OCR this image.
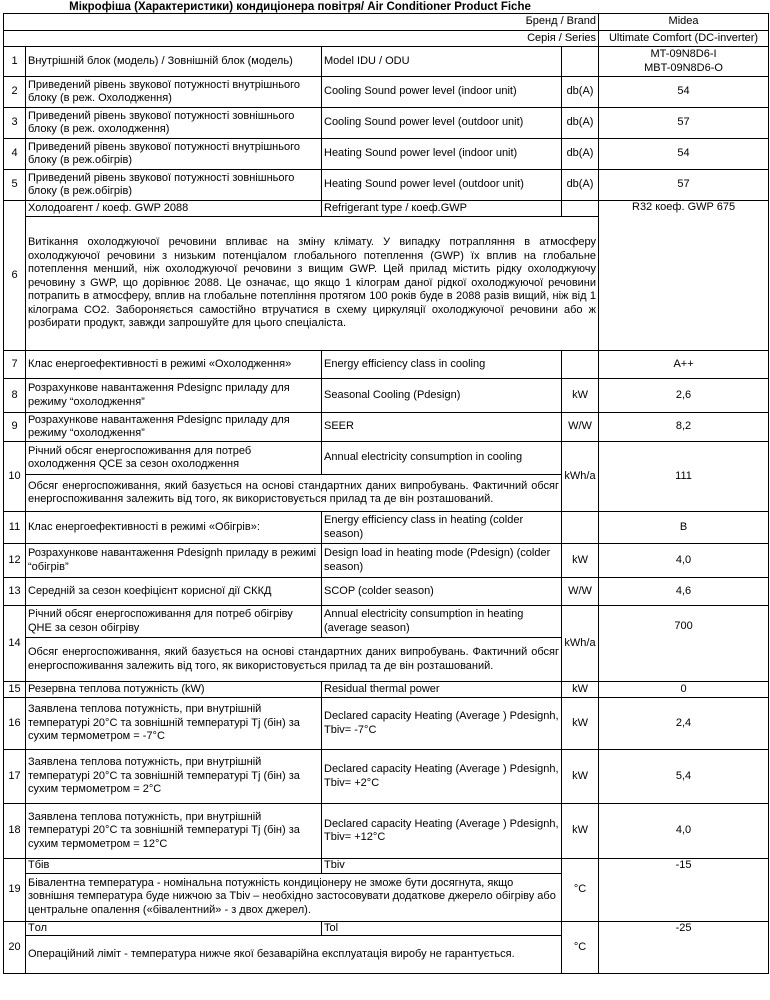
Мікрофіша (Характеристики) кондиціонера повітря/ Air Conditioner Product Fiche
Бренд / Brand				Midea
Серія / Series				Ultimate Comfort (DC-inverter)
1	Внутрішній блок (модель) / Зовнішній блок (модель)	Model IDU / ODU		MT-09N8D6-I
MBT-09N8D6-O

2	Приведений рівень звукової потужності внутрішнього блоку (в реж. Охолодження)	Cooling Sound power level (indoor unit)	db(A)	54
3	Приведений рівень звукової потужності зовнішнього блоку (в реж. охолодження)	Cooling Sound power level (outdoor unit)	db(A)	57
4	Приведений рівень звукової потужності внутрішнього блоку (в реж.обігрів)	Heating Sound power level (indoor unit)	db(A)	54
5	Приведений рівень звукової потужності зовнішнього блоку (в реж.обігрів)	Heating Sound power level (outdoor unit)	db(A)	57
6	Холодоагент / коеф. GWP 2088	Refrigerant type / коеф.GWP		R32 коеф. GWP 675
	Витікання охолоджуючої речовини впливає на зміну клімату. У випадку потрапляння в атмосферу охолоджуючої речовини з низьким потенціалом глобального потеплення (GWP) їх вплив на глобальне потеплення менший, ніж охолоджуючої речовини з вищим GWP. Цей прилад містить рідку охолоджуючу речовину з GWP, що дорівнює 2088. Це означає, що якщо 1 кілограм даної рідкої охолоджуючої речовини потрапить в атмосферу, вплив на глобальне потепління протягом 100 років буде в 2088 разів вищий, ніж від 1 кілограма CO2. Забороняється самостійно втручатися в схему циркуляції охолоджуючої речовини або ж розбирати продукт, завжди запрошуйте для цього спеціаліста.			
7	Клас енергоефективності в режимі «Охолодження»	Energy efficiency class in cooling		A++
8	Розрахункове навантаження Pdesignc приладу для режиму “охолодження”	Seasonal Cooling (Pdesign)	kW	2,6
9	Розрахункове навантаження Pdesignc приладу для режиму “охолодження”	SEER	W/W	8,2
10	Річний обсяг енергоспоживання для потреб охолодження QCE за сезон охолодження	Annual electricity consumption in cooling	kWh/a	111
	Обсяг енергоспоживання, який базується на основі стандартних даних випробувань. Фактичний обсяг енергоспоживання залежить від того, як використовується прилад та де він розташований.			
11	Клас енергоефективності в режимі «Обігрів»:	Energy efficiency class in heating (colder season)		B
12	Розрахункове навантаження Pdesignh приладу в режимі “обігрів”	Design load in heating mode (Pdesign) (colder season)	kW	4,0
13	Середній за сезон коефіцієнт корисної дії СККД	SCOP (colder season)	W/W	4,6
14	Річний обсяг енергоспоживання для потреб обігріву QHE за сезон обігріву	Annual electricity consumption in heating (average season)	kWh/a	700
	Обсяг енергоспоживання, який базується на основі стандартних даних випробувань. Фактичний обсяг енергоспоживання залежить від того, як використовується прилад та де він розташований.			
15	Резервна теплова потужність (kW)	Residual thermal power	kW	0
16	Заявлена теплова потужність, при внутрішній температурі 20°C та зовнішній температурі Tj (бін) за сухим термометром = -7°C	Declared capacity Heating (Average ) Pdesignh, Tbiv= -7°C	kW	2,4
17	Заявлена теплова потужність, при внутрішній температурі 20°C та зовнішній температурі Tj (бін) за сухим термометром = 2°C	Declared capacity Heating (Average ) Pdesignh, Tbiv= +2°C	kW	5,4
18	Заявлена теплова потужність, при внутрішній температурі 20°C та зовнішній температурі Tj (бін) за сухим термометром = 12°C	Declared capacity Heating (Average ) Pdesignh, Tbiv= +12°C	kW	4,0
19	Tбів	Tbiv	°C	-15
	Бівалентна температура - номінальна потужність кондиціонеру не зможе бути досягнута, якщо зовнішня температура буде нижчою за Tbiv – необхідно застосовувати додаткове джерело обігріву або центральне опалення («бівалентний» - з двох джерел).			
20	Tол	Tol	°C	-25
	Операційний ліміт - температура нижче якої безаварійна експлуатація виробу не гарантується.			
